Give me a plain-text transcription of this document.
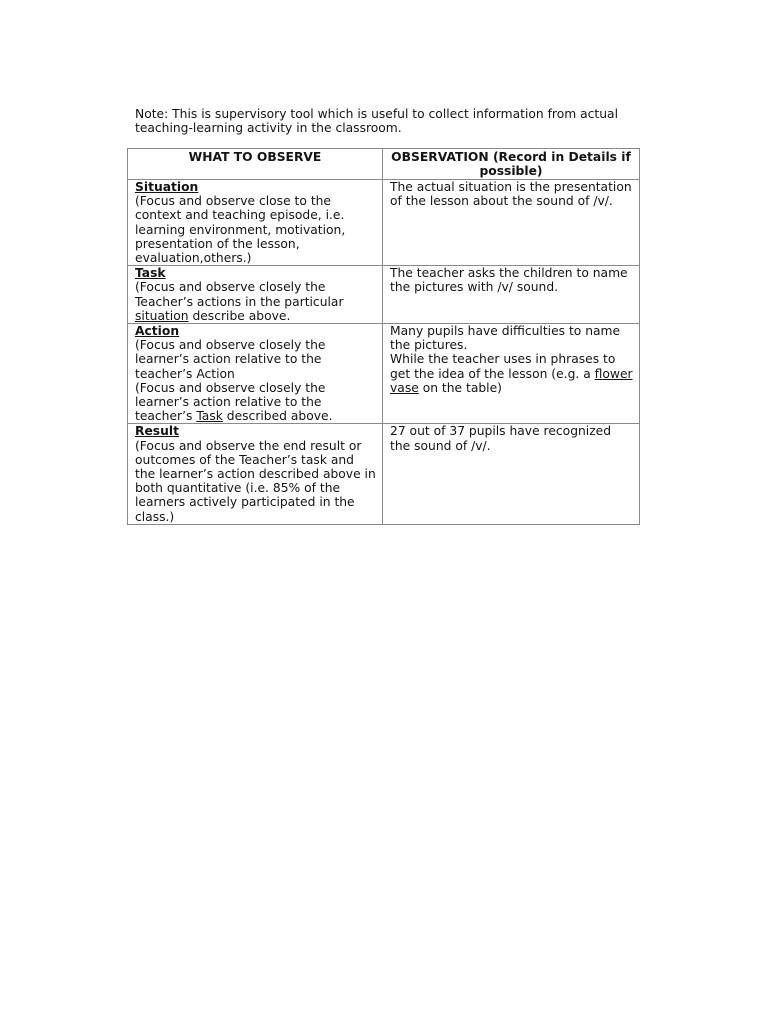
Note: This is supervisory tool which is useful to collect information from actual teaching-learning activity in the classroom.

WHAT TO OBSERVE	OBSERVATION (Record in Details if possible)

Situation
(Focus and observe close to the context and teaching episode, i.e. learning environment, motivation, presentation of the lesson, evaluation,others.)	The actual situation is the presentation of the lesson about the sound of /v/.

Task
(Focus and observe closely the Teacher’s actions in the particular situation describe above.	The teacher asks the children to name the pictures with /v/ sound.

Action
(Focus and observe closely the learner’s action relative to the teacher’s Action
(Focus and observe closely the learner’s action relative to the teacher’s Task described above.	Many pupils have difficulties to name the pictures.
While the teacher uses in phrases to get the idea of the lesson (e.g. a flower vase on the table)

Result
(Focus and observe the end result or outcomes of the Teacher’s task and the learner’s action described above in both quantitative (i.e. 85% of the learners actively participated in the class.)	27 out of 37 pupils have recognized the sound of /v/.
